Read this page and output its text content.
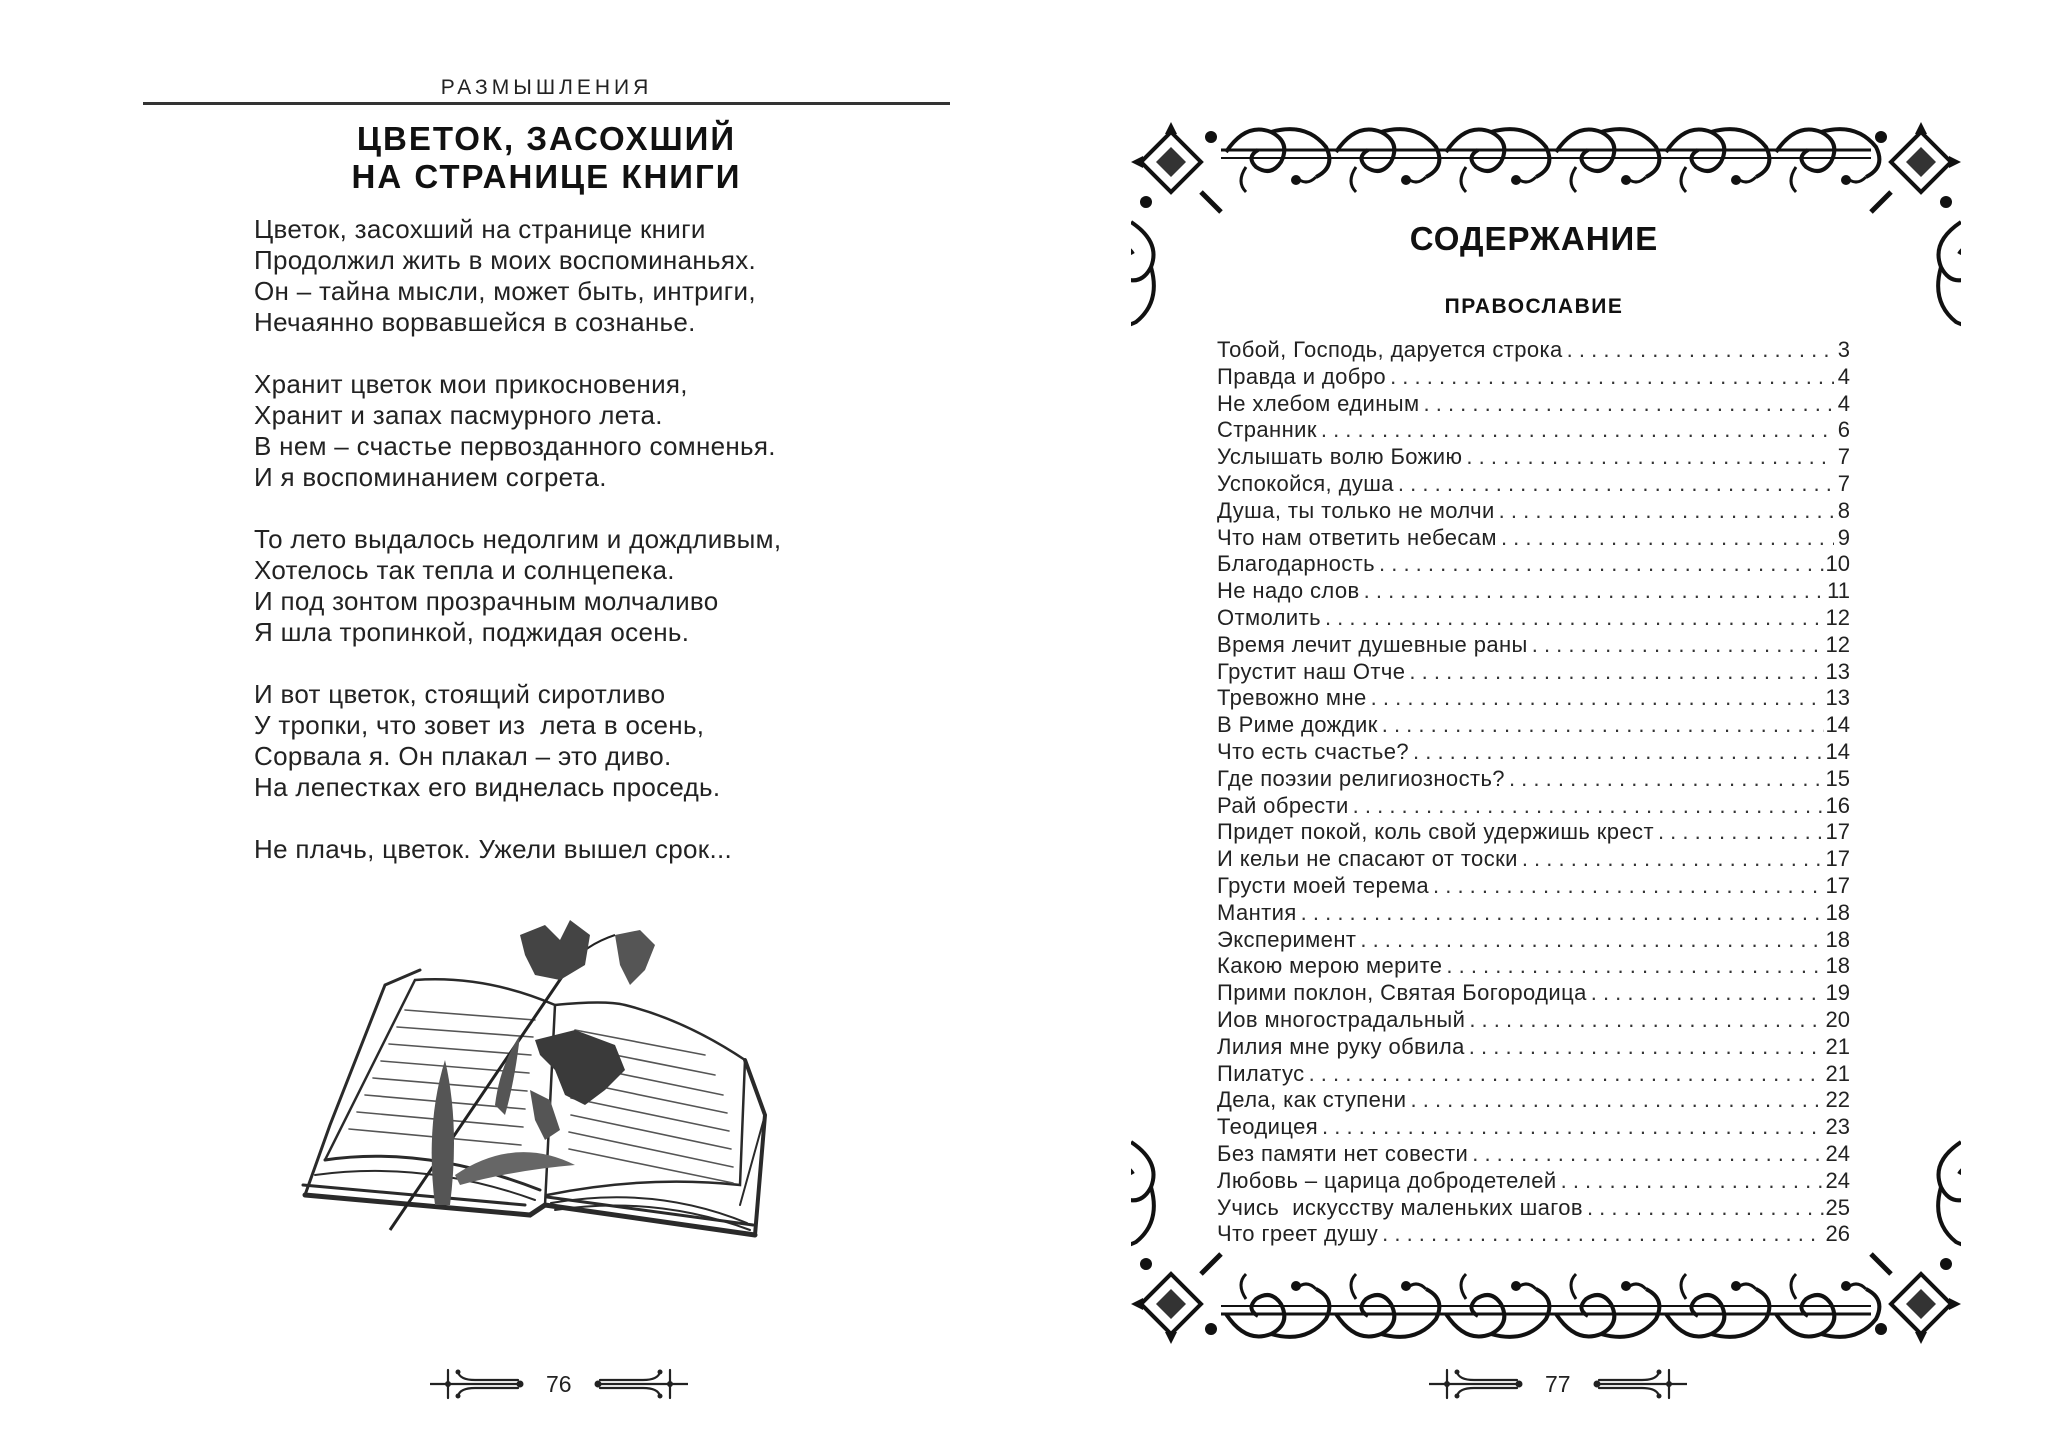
РАЗМЫШЛЕНИЯ
ЦВЕТОК, ЗАСОХШИЙ
НА СТРАНИЦЕ КНИГИ
Цветок, засохший на странице книги
Продолжил жить в моих воспоминаньях.
Он – тайна мысли, может быть, интриги,
Нечаянно ворвавшейся в сознанье.
Хранит цветок мои прикосновения,
Хранит и запах пасмурного лета.
В нем – счастье первозданного сомненья.
И я воспоминанием согрета.
То лето выдалось недолгим и дождливым,
Хотелось так тепла и солнцепека.
И под зонтом прозрачным молчаливо
Я шла тропинкой, поджидая осень.
И вот цветок, стоящий сиротливо
У тропки, что зовет из  лета в осень,
Сорвала я. Он плакал – это диво.
На лепестках его виднелась проседь.
Не плачь, цветок. Ужели вышел срок...
76
СОДЕРЖАНИЕ
ПРАВОСЛАВИЕ
Тобой, Господь, даруется строка . . .	3
Правда и добро . . .	4
Не хлебом единым . . .	4
Странник . . .	6
Услышать волю Божию . . .	7
Успокойся, душа . . .	7
Душа, ты только не молчи . . .	8
Что нам ответить небесам . . .	9
Благодарность . . .	10
Не надо слов . . .	11
Отмолить . . .	12
Время лечит душевные раны . . .	12
Грустит наш Отче . . .	13
Тревожно мне . . .	13
В Риме дождик . . .	14
Что есть счастье? . . .	14
Где поэзии религиозность? . . .	15
Рай обрести . . .	16
Придет покой, коль свой удержишь крест . . .	17
И кельи не спасают от тоски . . .	17
Грусти моей терема . . .	17
Мантия . . .	18
Эксперимент . . .	18
Какою мерою мерите . . .	18
Прими поклон, Святая Богородица . . .	19
Иов многострадальный . . .	20
Лилия мне руку обвила . . .	21
Пилатус . . .	21
Дела, как ступени . . .	22
Теодицея . . .	23
Без памяти нет совести . . .	24
Любовь – царица добродетелей . . .	24
Учись  искусству маленьких шагов . . .	25
Что греет душу . . .	26
77
